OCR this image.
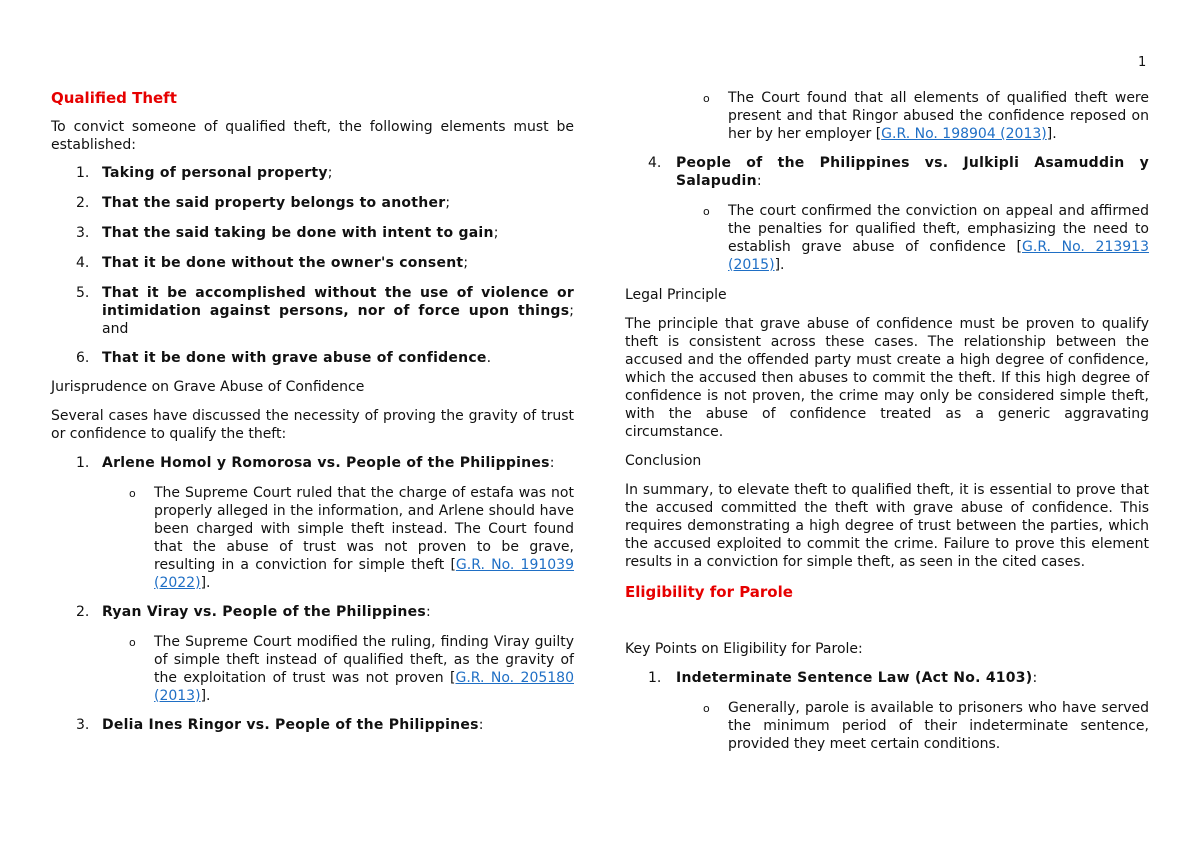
1

Qualified Theft

To convict someone of qualified theft, the following elements must be established:

1. Taking of personal property;

2. That the said property belongs to another;

3. That the said taking be done with intent to gain;

4. That it be done without the owner's consent;

5. That it be accomplished without the use of violence or intimidation against persons, nor of force upon things; and

6. That it be done with grave abuse of confidence.

Jurisprudence on Grave Abuse of Confidence

Several cases have discussed the necessity of proving the gravity of trust or confidence to qualify the theft:

1. Arlene Homol y Romorosa vs. People of the Philippines:

o The Supreme Court ruled that the charge of estafa was not properly alleged in the information, and Arlene should have been charged with simple theft instead. The Court found that the abuse of trust was not proven to be grave, resulting in a conviction for simple theft [G.R. No. 191039 (2022)].

2. Ryan Viray vs. People of the Philippines:

o The Supreme Court modified the ruling, finding Viray guilty of simple theft instead of qualified theft, as the gravity of the exploitation of trust was not proven [G.R. No. 205180 (2013)].

3. Delia Ines Ringor vs. People of the Philippines:

o The Court found that all elements of qualified theft were present and that Ringor abused the confidence reposed on her by her employer [G.R. No. 198904 (2013)].

4. People of the Philippines vs. Julkipli Asamuddin y Salapudin:

o The court confirmed the conviction on appeal and affirmed the penalties for qualified theft, emphasizing the need to establish grave abuse of confidence [G.R. No. 213913 (2015)].

Legal Principle

The principle that grave abuse of confidence must be proven to qualify theft is consistent across these cases. The relationship between the accused and the offended party must create a high degree of confidence, which the accused then abuses to commit the theft. If this high degree of confidence is not proven, the crime may only be considered simple theft, with the abuse of confidence treated as a generic aggravating circumstance.

Conclusion

In summary, to elevate theft to qualified theft, it is essential to prove that the accused committed the theft with grave abuse of confidence. This requires demonstrating a high degree of trust between the parties, which the accused exploited to commit the crime. Failure to prove this element results in a conviction for simple theft, as seen in the cited cases.

Eligibility for Parole

Key Points on Eligibility for Parole:

1. Indeterminate Sentence Law (Act No. 4103):

o Generally, parole is available to prisoners who have served the minimum period of their indeterminate sentence, provided they meet certain conditions.
